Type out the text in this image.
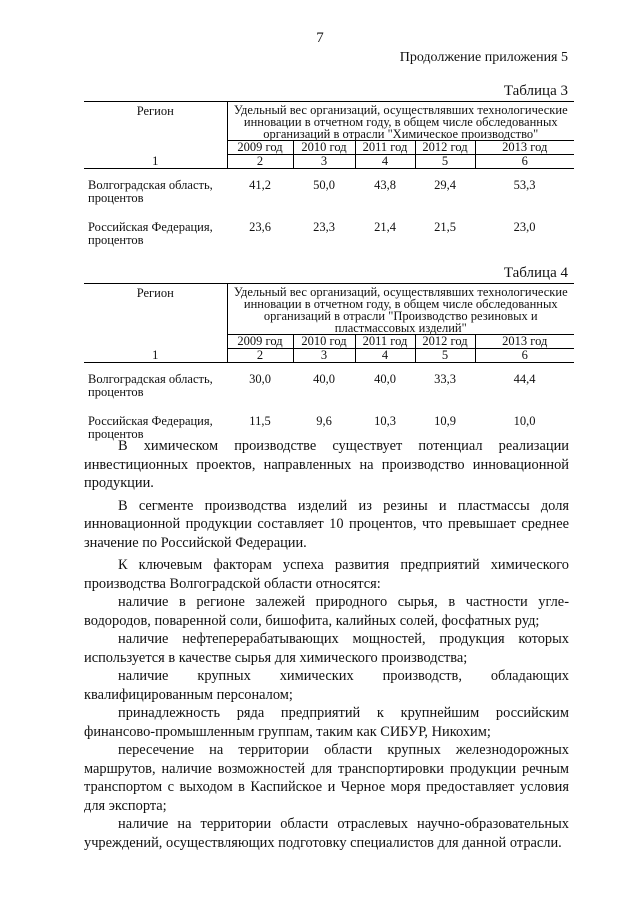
7
Продолжение приложения 5
Таблица 3
Регион	Удельный вес организаций, осуществлявших технологические инновации в отчетном году, в общем числе обследованных организаций в отрасли "Химическое производство"				
	2009 год	2010 год	2011 год	2012 год	2013 год
1	2	3	4	5	6
Волгоградская область, процентов	41,2	50,0	43,8	29,4	53,3
Российская Федерация, процентов	23,6	23,3	21,4	21,5	23,0
Таблица 4
Регион	Удельный вес организаций, осуществлявших технологические инновации в отчетном году, в общем числе обследованных организаций в отрасли "Производство резиновых и пластмассовых изделий"				
	2009 год	2010 год	2011 год	2012 год	2013 год
1	2	3	4	5	6
Волгоградская область, процентов	30,0	40,0	40,0	33,3	44,4
Российская Федерация, процентов	11,5	9,6	10,3	10,9	10,0

В химическом производстве существует потенциал реализации инвестиционных проектов, направленных на производство инновационной продукции.

В сегменте производства изделий из резины и пластмассы доля инновационной продукции составляет 10 процентов, что превышает среднее значение по Российской Федерации.

К ключевым факторам успеха развития предприятий химического производства Волгоградской области относятся:

наличие в регионе залежей природного сырья, в частности угле-водородов, поваренной соли, бишофита, калийных солей, фосфатных руд;

наличие нефтеперерабатывающих мощностей, продукция которых используется в качестве сырья для химического производства;

наличие крупных химических производств, обладающих квалифицированным персоналом;

принадлежность ряда предприятий к крупнейшим российским финансово-промышленным группам, таким как СИБУР, Никохим;

пересечение на территории области крупных железнодорожных маршрутов, наличие возможностей для транспортировки продукции речным транспортом с выходом в Каспийское и Черное моря предоставляет условия для экспорта;

наличие на территории области отраслевых научно-образовательных учреждений, осуществляющих подготовку специалистов для данной отрасли.
